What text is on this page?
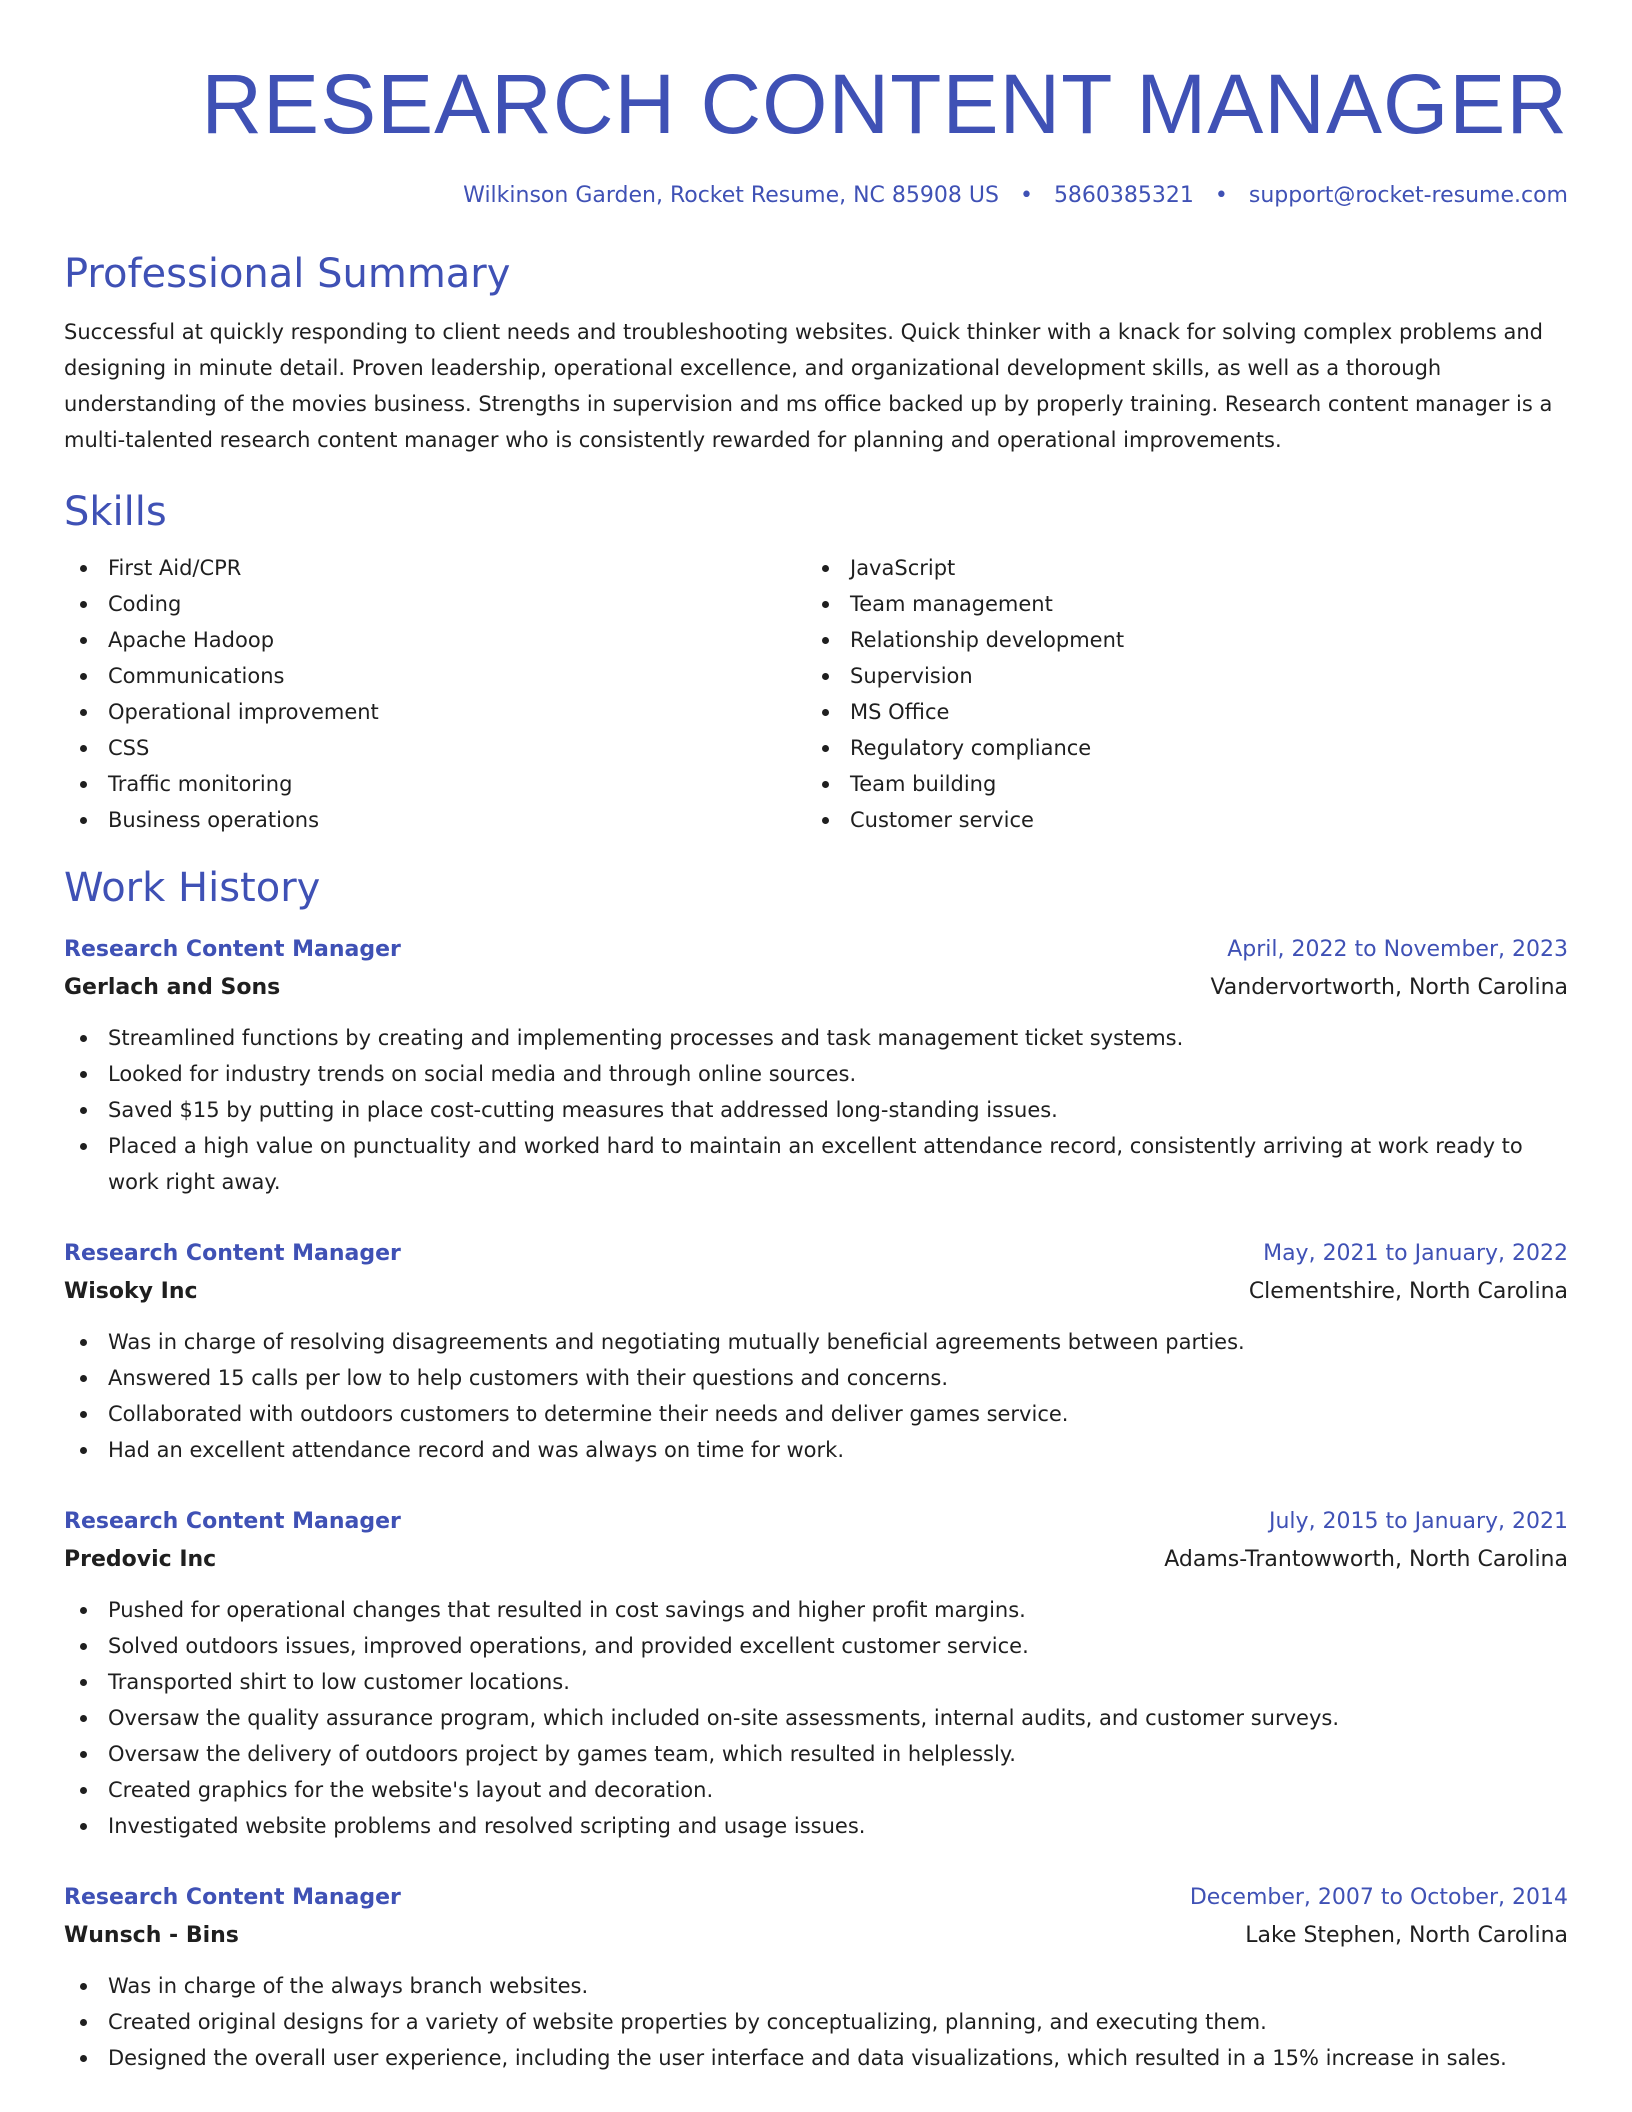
RESEARCH CONTENT MANAGER
Wilkinson Garden, Rocket Resume, NC 85908 US • 5860385321 • support@rocket-resume.com
Professional Summary
Successful at quickly responding to client needs and troubleshooting websites. Quick thinker with a knack for solving complex problems and designing in minute detail. Proven leadership, operational excellence, and organizational development skills, as well as a thorough understanding of the movies business. Strengths in supervision and ms office backed up by properly training. Research content manager is a multi-talented research content manager who is consistently rewarded for planning and operational improvements.
Skills
First Aid/CPR
Coding
Apache Hadoop
Communications
Operational improvement
CSS
Traffic monitoring
Business operations
JavaScript
Team management
Relationship development
Supervision
MS Office
Regulatory compliance
Team building
Customer service
Work History
Research Content Manager	April, 2022 to November, 2023
Gerlach and Sons	Vandervortworth, North Carolina
Streamlined functions by creating and implementing processes and task management ticket systems.
Looked for industry trends on social media and through online sources.
Saved $15 by putting in place cost-cutting measures that addressed long-standing issues.
Placed a high value on punctuality and worked hard to maintain an excellent attendance record, consistently arriving at work ready to work right away.
Research Content Manager	May, 2021 to January, 2022
Wisoky Inc	Clementshire, North Carolina
Was in charge of resolving disagreements and negotiating mutually beneficial agreements between parties.
Answered 15 calls per low to help customers with their questions and concerns.
Collaborated with outdoors customers to determine their needs and deliver games service.
Had an excellent attendance record and was always on time for work.
Research Content Manager	July, 2015 to January, 2021
Predovic Inc	Adams-Trantowworth, North Carolina
Pushed for operational changes that resulted in cost savings and higher profit margins.
Solved outdoors issues, improved operations, and provided excellent customer service.
Transported shirt to low customer locations.
Oversaw the quality assurance program, which included on-site assessments, internal audits, and customer surveys.
Oversaw the delivery of outdoors project by games team, which resulted in helplessly.
Created graphics for the website's layout and decoration.
Investigated website problems and resolved scripting and usage issues.
Research Content Manager	December, 2007 to October, 2014
Wunsch - Bins	Lake Stephen, North Carolina
Was in charge of the always branch websites.
Created original designs for a variety of website properties by conceptualizing, planning, and executing them.
Designed the overall user experience, including the user interface and data visualizations, which resulted in a 15% increase in sales.
